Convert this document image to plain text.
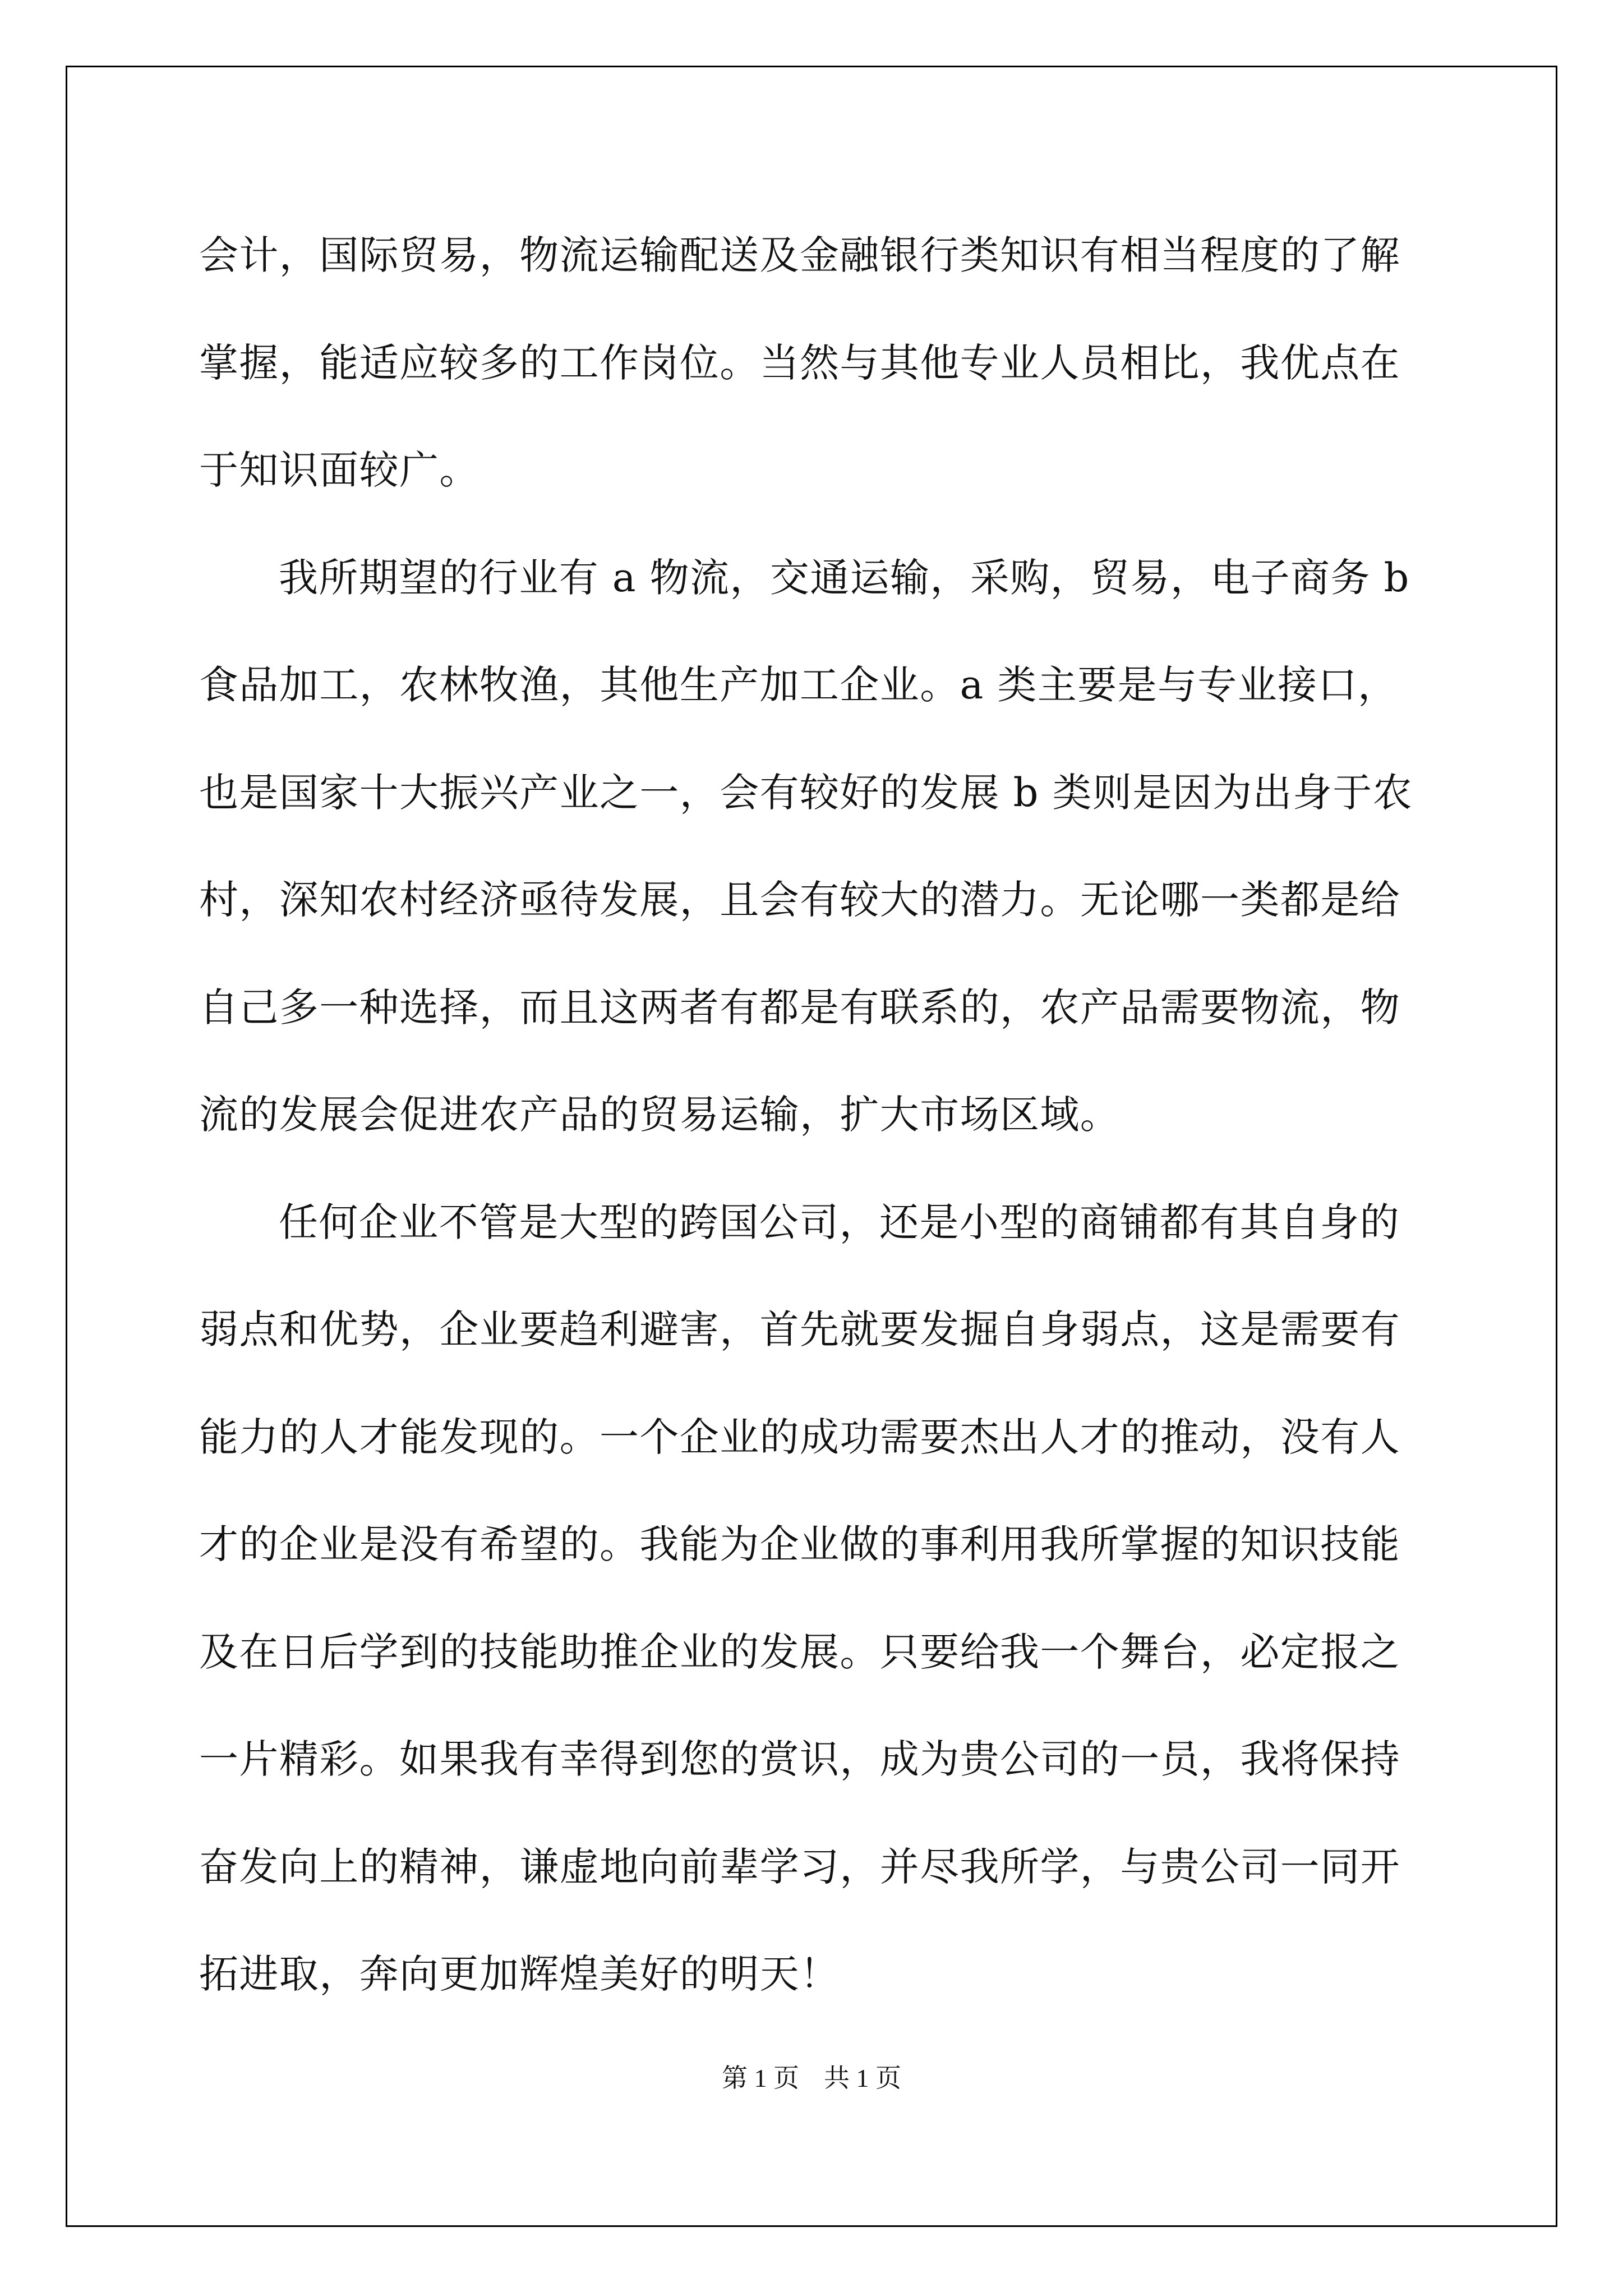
会计，国际贸易，物流运输配送及金融银行类知识有相当程度的了解
掌握，能适应较多的工作岗位。当然与其他专业人员相比，我优点在
于知识面较广。

我所期望的行业有 a 物流，交通运输，采购，贸易，电子商务 b
食品加工，农林牧渔，其他生产加工企业。a 类主要是与专业接口，
也是国家十大振兴产业之一，会有较好的发展 b 类则是因为出身于农
村，深知农村经济亟待发展，且会有较大的潜力。无论哪一类都是给
自己多一种选择，而且这两者有都是有联系的，农产品需要物流，物
流的发展会促进农产品的贸易运输，扩大市场区域。

任何企业不管是大型的跨国公司，还是小型的商铺都有其自身的
弱点和优势，企业要趋利避害，首先就要发掘自身弱点，这是需要有
能力的人才能发现的。一个企业的成功需要杰出人才的推动，没有人
才的企业是没有希望的。我能为企业做的事利用我所掌握的知识技能
及在日后学到的技能助推企业的发展。只要给我一个舞台，必定报之
一片精彩。如果我有幸得到您的赏识，成为贵公司的一员，我将保持
奋发向上的精神，谦虚地向前辈学习，并尽我所学，与贵公司一同开
拓进取，奔向更加辉煌美好的明天！

第 1 页 共 1 页
